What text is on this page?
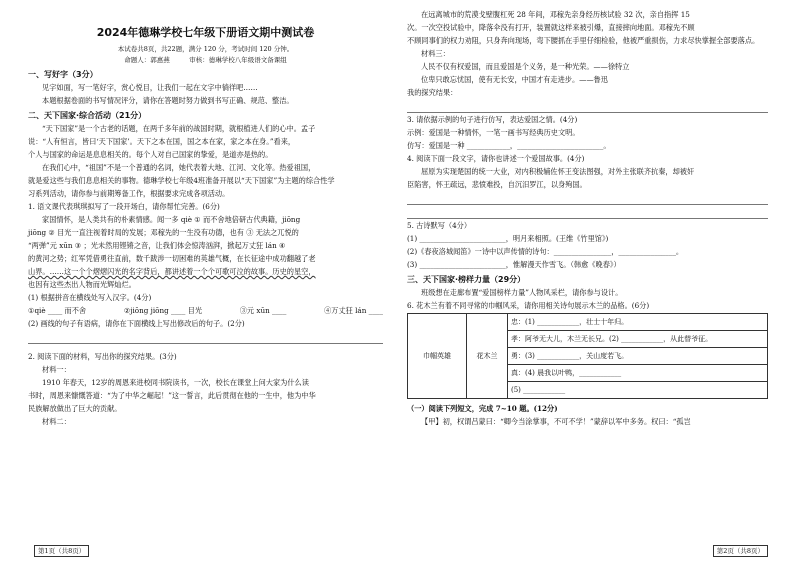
2024年德琳学校七年级下册语文期中测试卷
本试卷共8页，共22题，满分 120 分，考试时间 120 分钟。
命题人：郭惠燕　　　审核：德琳学校八年级语文备课组
一、写好字（3分）

见字如面，写一笔好字，赏心悦目，让我们一起在文字中徜徉吧……

本题根据卷面的书写情况评分，请你在答题时努力做到书写正确、规范、整洁。

二、天下国家·综合活动（21分）

“天下国家”是一个古老的话题，在两千多年前的战国时期，就根植进人们的心中。孟子

说：“人有恒言，皆曰‘天下国家’。天下之本在国，国之本在家，家之本在身。”看来，

个人与国家的命运是息息相关的。每个人对自己国家的挚爱，是道亦是热的。

在我们心中，“祖国”不是一个普通的名词，她代表着大地、江河、文化等。热爱祖国，

就是爱这些与我们息息相关的事物。德琳学校七年级4班准备开展以“天下国家”为主题的综合性学

习系列活动，请你参与前期筹备工作，根据要求完成各项活动。

1. 语文课代表琪琪拟写了一段开场白，请你帮忙完善。(6分)

家国情怀，是人类共有的朴素情感。闻一多 qiè ① 而不舍地倍研古代典籍，jiōng

jiōng ② 目光一直注视着时局的发展；邓稼先的一生没有功德，也有 ③ 无法之兀悦的

“两弹”元 xūn ③ ；光未然用铿锵之音，让我们体会惊涛汹湃，掀起万丈狂 lán ④

的黄河之势；红军凭借勇往直前，数千跋涉一切困难的英雄气概，在长征途中成功翻越了老

山界。……这一个个熠熠闪光的名字背后，都讲述着一个个可歌可泣的故事。历史的星空，

也因有这些杰出人物而光辉灿烂。

(1) 根据拼音在横线处写入汉字。(4分)

①qiè ____ 而不舍	②jiōng jiōng ____ 目光	③元 xūn ____	④万丈狂 lán ____

(2) 画线的句子有语病，请你在下面横线上写出修改后的句子。(2分)

2. 阅读下面的材料，写出你的探究结果。(3分)

材料一：

1910 年春天，12岁的周恩来进校同书院读书，一次，校长在课堂上问大家为什么读

书时，周恩来慷慨答道：“为了中华之崛起！”这一誓言，此后贯彻在他的一生中，他为中华

民族解放做出了巨大的贡献。

材料二：

第1页（共8页）

在远离城市的荒漠戈壁腹杠死 28 年间，邓稼先亲身经历核试验 32 次，亲自指挥 15

次。一次空投试验中，降落伞没有打开，装置就这样来被引爆，直接摔向地面。邓稼先不顾

不顾同事们的权力劝阻，只身奔向现场，弯下腰抓在手里仔细检验，他被严重损伤，力求尽快掌握全部要落点。

材料三：

人民不仅有权爱国，而且爱国是个义务，是一种光荣。——徐特立

位卑只敢忘忧国，使有无长安，中国才有走进步。——鲁迅

我的探究结果：

3. 请依据示例的句子进行仿写，表达爱国之情。(4分)

示例：爱国是一种情怀，一笔一画书写经典历史文明。

仿写：爱国是一种 ____________，________________________。

4. 阅读下面一段文字，请你也讲述一个爱国故事。(4分)

屈原为实现楚国的统一大业，对内积极辅佐怀王变法图强，对外主张联齐抗秦，却被奸

臣陷害，怀王疏远，悲愤难投，自沉汨罗江，以身殉国。

5. 古诗默写（4分）

(1) ________________________，明月来相照。(王维《竹里馆》)

(2)《春夜洛城闻笛》一诗中以声传情的诗句：________________，________________。

(3) ________________________，惟解漫天作雪飞。（韩愈《晚春》）

三、天下国家·榜样力量（29分）

班级想在走廊布置“爱国榜样力量”人物风采栏，请你参与设计。

6. 花木兰有着不同寻常的巾帼风采，请你用相关诗句展示木兰的品格。(6分)

巾帼英雄	花木兰	忠：(1) ____________，壮士十年归。
孝：阿爷无大儿，木兰无长兄。(2) ____________，从此替爷征。
勇：(3) ____________，关山度若飞。
真：(4) 晨我以叶鸭，____________
(5) ____________

（一）阅读下列短文，完成 7~10 题。(12分)

【甲】初，权谓吕蒙曰：“卿今当涂掌事，不可不学！”蒙辞以军中多务。权曰：“孤岂

第2页（共8页）
